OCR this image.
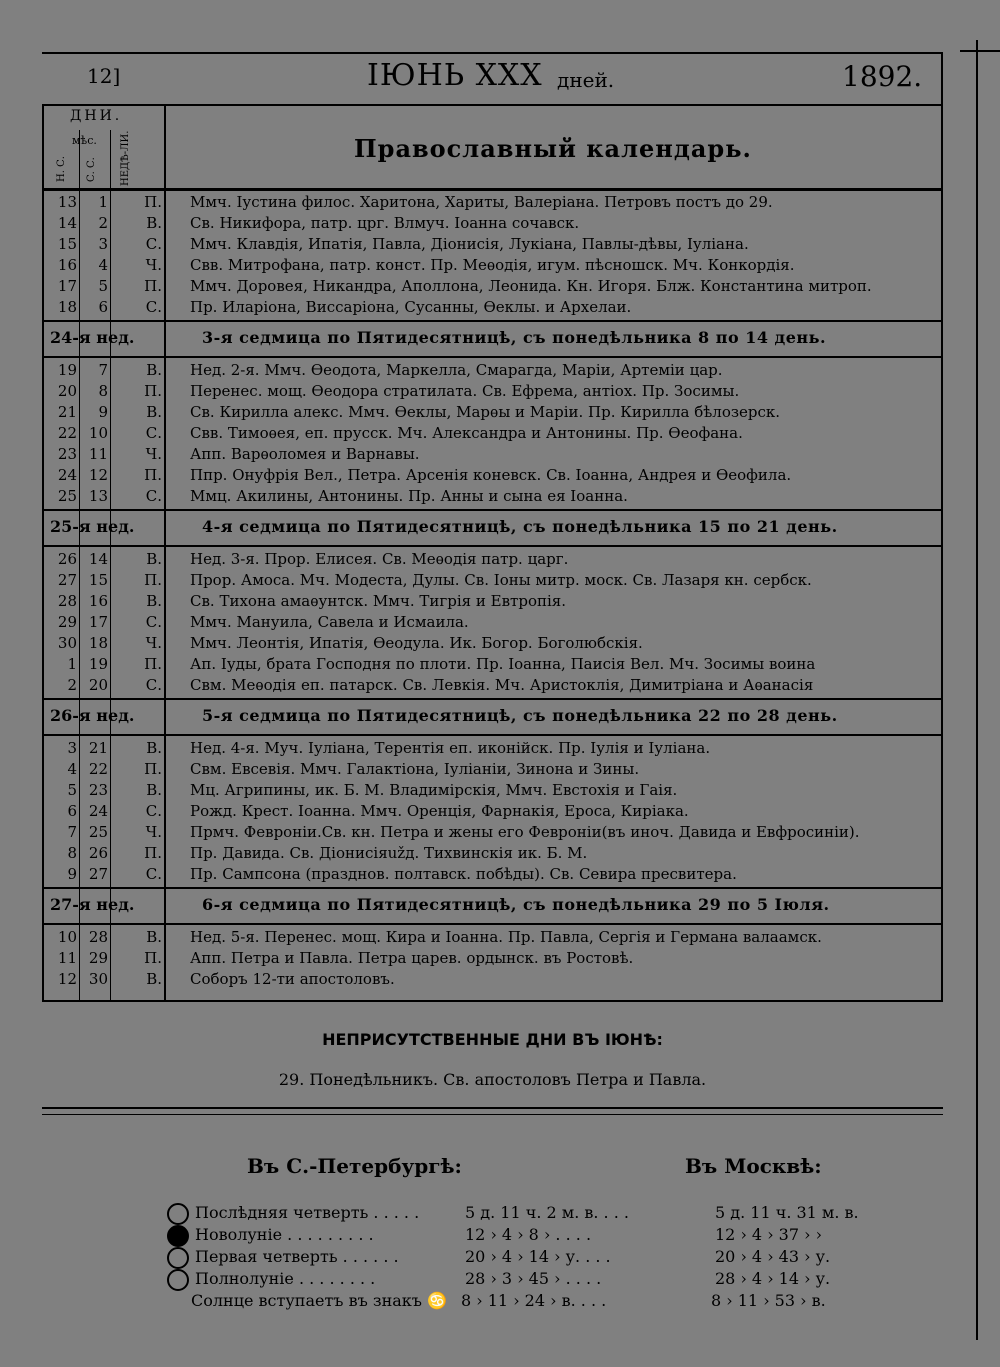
12]	ІЮНЬ XXX дней.	1892.
ДНИ.
мѣс.	Православный календарь.
Н. С. С. С. НЕДѢ-ЛИ.
13	1	П. Ммч. Іустина филос. Харитона, Хариты, Валеріана. Петровъ постъ до 29.
14	2	В. Св. Никифора, патр. црг. Влмуч. Іоанна сочавск.
15	3	С. Ммч. Клавдія, Ипатія, Павла, Діонисія, Лукіана, Павлы-дѣвы, Іуліана.
16	4	Ч. Свв. Митрофана, патр. конст. Пр. Меѳодія, игум. пѣсношск. Мч. Конкордія.
17	5	П. Ммч. Доровея, Никандра, Аполлона, Леонида. Кн. Игоря. Блж. Константина митроп.
18	6	С. Пр. Иларіона, Виссаріона, Сусанны, Ѳеклы. и Архелаи.
24-я нед.	3-я седмица по Пятидесятницѣ, съ понедѣльника 8 по 14 день.
19	7	В. Нед. 2-я. Ммч. Ѳеодота, Маркелла, Смарагда, Маріи, Артеміи цар.
20	8	П. Перенес. мощ. Ѳеодора стратилата. Св. Ефрема, антіох. Пр. Зосимы.
21	9	В. Св. Кирилла алекс. Ммч. Ѳеклы, Марѳы и Маріи. Пр. Кирилла бѣлозерск.
22 10	С. Свв. Тимоѳея, еп. прусск. Мч. Александра и Антонины. Пр. Ѳеофана.
23 11	Ч. Апп. Варѳоломея и Варнавы.
24 12	П. Ппр. Онуфрія Вел., Петра. Арсенія коневск. Св. Іоанна, Андрея и Ѳеофила.
25 13	С. Ммц. Акилины, Антонины. Пр. Анны и сына ея Іоанна.
25-я нед.	4-я седмица по Пятидесятницѣ, съ понедѣльника 15 по 21 день.
26 14	В. Нед. 3-я. Прор. Елисея. Св. Меѳодія патр. царг.
27 15	П. Прор. Амоса. Мч. Модеста, Дулы. Св. Іоны митр. моск. Св. Лазаря кн. сербск.
28 16	В. Св. Тихона амаѳунтск. Ммч. Тигрія и Евтропія.
29 17	С. Ммч. Мануила, Савела и Исмаила.
30 18	Ч. Ммч. Леонтія, Ипатія, Ѳеодула. Ик. Богор. Боголюбскія.
1 19	П. Ап. Іуды, брата Господня по плоти. Пр. Іоанна, Паисія Вел. Мч. Зосимы воина
2 20	С. Свм. Меѳодія еп. патарск. Св. Левкія. Мч. Аристоклія, Димитріана и Аѳанасія
26-я нед.	5-я седмица по Пятидесятницѣ, съ понедѣльника 22 по 28 день.
3 21	В. Нед. 4-я. Муч. Іуліана, Терентія еп. иконійск. Пр. Іулія и Іуліана.
4 22	П. Свм. Евсевія. Ммч. Галактіона, Іуліаніи, Зинона и Зины.
5 23	В. Мц. Агрипины, ик. Б. М. Владимірскія, Ммч. Евстохія и Гаія.
6 24	С. Рожд. Крест. Іоанна. Ммч. Оренція, Фарнакія, Ероса, Киріака.
7 25	Ч. Прмч. Февроніи.Св. кн. Петра и жены его Февроніи(въ иноч. Давида и Евфросиніи).
8 26	П. Пр. Давида. Св. Діонисіяužд. Тихвинскія ик. Б. М.
9 27	С. Пр. Сампсона (празднов. полтавск. побѣды). Св. Севира пресвитера.
27-я нед.	6-я седмица по Пятидесятницѣ, съ понедѣльника 29 по 5 Іюля.
10 28	В. Нед. 5-я. Перенес. мощ. Кира и Іоанна. Пр. Павла, Сергія и Германа валаамск.
11 29	П. Апп. Петра и Павла. Петра царев. ордынск. въ Ростовѣ.
12 30	В. Соборъ 12-ти апостоловъ.
НЕПРИСУТСТВЕННЫЕ ДНИ ВЪ ІЮНѢ:
29. Понедѣльникъ. Св. апостоловъ Петра и Павла.
Въ С.-Петербургѣ:	Въ Москвѣ:
Послѣдняя четверть . . . . .	5 д. 11 ч. 2 м. в. . . .	5 д. 11 ч. 31 м. в.
Новолуніе . . . . . . . . .	12 › 4 › 8 › . . . .	12 › 4 › 37 › ›
Первая четверть . . . . . .	20 › 4 › 14 › у. . . .	20 › 4 › 43 › у.
Полнолуніе . . . . . . . .	28 › 3 › 45 › . . . .	28 › 4 › 14 › у.
Солнце вступаетъ въ знакъ ♋ 8 › 11 › 24 › в. . . .	8 › 11 › 53 › в.
